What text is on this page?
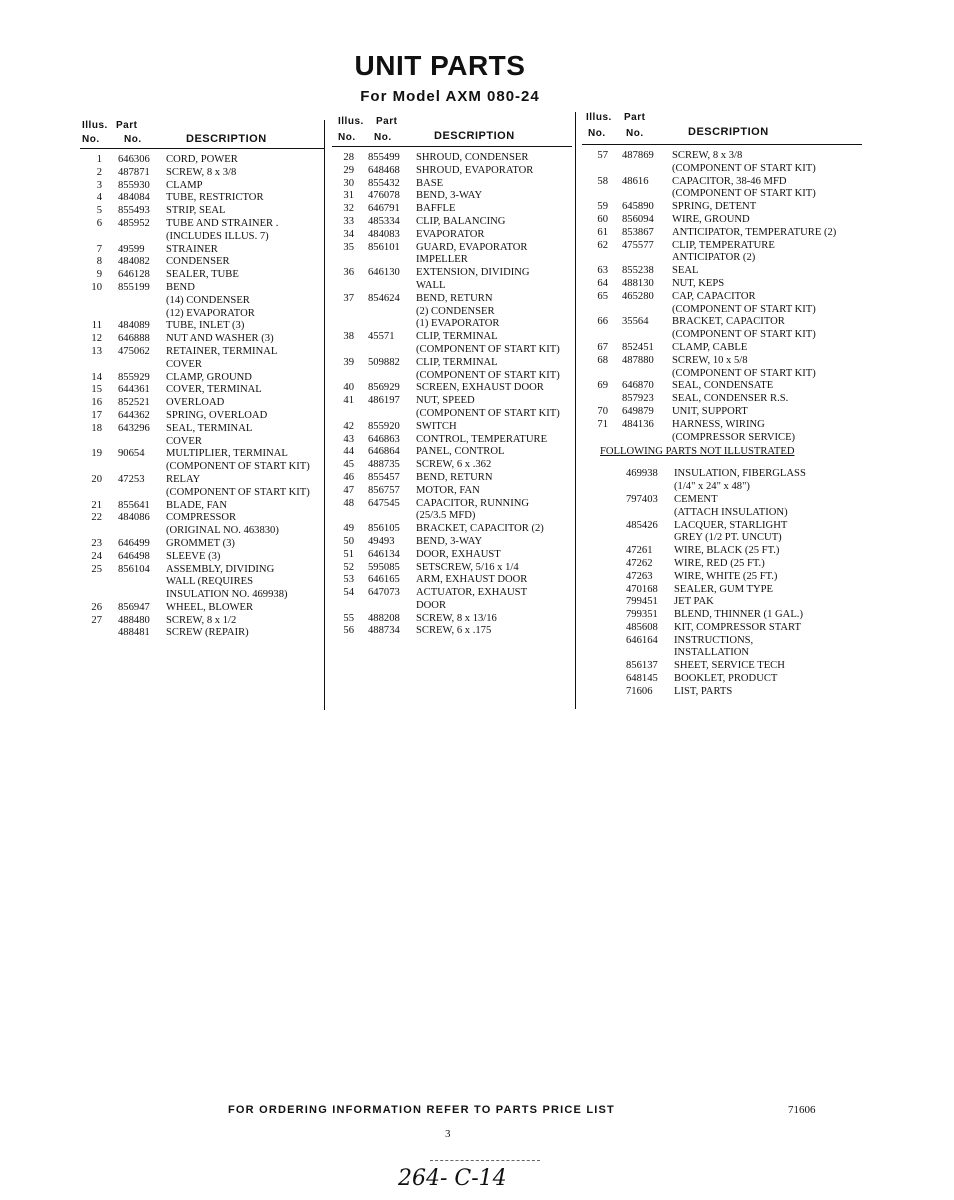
UNIT PARTS
For Model AXM 080-24
Illus. Part
No. No.	DESCRIPTION
1 646306 CORD, POWER
2 487871 SCREW, 8 x 3/8
3 855930 CLAMP
4 484084 TUBE, RESTRICTOR
5 855493 STRIP, SEAL
6 485952 TUBE AND STRAINER .
(INCLUDES ILLUS. 7)
7 49599 STRAINER
8 484082 CONDENSER
9 646128 SEALER, TUBE
10 855199 BEND
(14) CONDENSER
(12) EVAPORATOR
11 484089 TUBE, INLET (3)
12 646888 NUT AND WASHER (3)
13 475062 RETAINER, TERMINAL
COVER
14 855929 CLAMP, GROUND
15 644361 COVER, TERMINAL
16 852521 OVERLOAD
17 644362 SPRING, OVERLOAD
18 643296 SEAL, TERMINAL
COVER
19 90654 MULTIPLIER, TERMINAL
(COMPONENT OF START KIT)
20 47253 RELAY
(COMPONENT OF START KIT)
21 855641 BLADE, FAN
22 484086 COMPRESSOR
(ORIGINAL NO. 463830)
23 646499 GROMMET (3)
24 646498 SLEEVE (3)
25 856104 ASSEMBLY, DIVIDING
WALL (REQUIRES
INSULATION NO. 469938)
26 856947 WHEEL, BLOWER
27 488480 SCREW, 8 x 1/2
488481 SCREW (REPAIR)
Illus. Part
No. No.	DESCRIPTION
28 855499 SHROUD, CONDENSER
29 648468 SHROUD, EVAPORATOR
30 855432 BASE
31 476078 BEND, 3-WAY
32 646791 BAFFLE
33 485334 CLIP, BALANCING
34 484083 EVAPORATOR
35 856101 GUARD, EVAPORATOR
IMPELLER
36 646130 EXTENSION, DIVIDING
WALL
37 854624 BEND, RETURN
(2) CONDENSER
(1) EVAPORATOR
38 45571 CLIP, TERMINAL
(COMPONENT OF START KIT)
39 509882 CLIP, TERMINAL
(COMPONENT OF START KIT)
40 856929 SCREEN, EXHAUST DOOR
41 486197 NUT, SPEED
(COMPONENT OF START KIT)
42 855920 SWITCH
43 646863 CONTROL, TEMPERATURE
44 646864 PANEL, CONTROL
45 488735 SCREW, 6 x .362
46 855457 BEND, RETURN
47 856757 MOTOR, FAN
48 647545 CAPACITOR, RUNNING
(25/3.5 MFD)
49 856105 BRACKET, CAPACITOR (2)
50 49493 BEND, 3-WAY
51 646134 DOOR, EXHAUST
52 595085 SETSCREW, 5/16 x 1/4
53 646165 ARM, EXHAUST DOOR
54 647073 ACTUATOR, EXHAUST
DOOR
55 488208 SCREW, 8 x 13/16
56 488734 SCREW, 6 x .175
Illus. Part
No. No.	DESCRIPTION
57 487869 SCREW, 8 x 3/8
(COMPONENT OF START KIT)
58 48616 CAPACITOR, 38-46 MFD
(COMPONENT OF START KIT)
59 645890 SPRING, DETENT
60 856094 WIRE, GROUND
61 853867 ANTICIPATOR, TEMPERATURE (2)
62 475577 CLIP, TEMPERATURE
ANTICIPATOR (2)
63 855238 SEAL
64 488130 NUT, KEPS
65 465280 CAP, CAPACITOR
(COMPONENT OF START KIT)
66 35564 BRACKET, CAPACITOR
(COMPONENT OF START KIT)
67 852451 CLAMP, CABLE
68 487880 SCREW, 10 x 5/8
(COMPONENT OF START KIT)
69 646870 SEAL, CONDENSATE
857923 SEAL, CONDENSER R.S.
70 649879 UNIT, SUPPORT
71 484136 HARNESS, WIRING
(COMPRESSOR SERVICE)
FOLLOWING PARTS NOT ILLUSTRATED
469938 INSULATION, FIBERGLASS
(1/4" x 24" x 48")
797403 CEMENT
(ATTACH INSULATION)
485426 LACQUER, STARLIGHT
GREY (1/2 PT. UNCUT)
47261 WIRE, BLACK (25 FT.)
47262 WIRE, RED (25 FT.)
47263 WIRE, WHITE (25 FT.)
470168 SEALER, GUM TYPE
799451 JET PAK
799351 BLEND, THINNER (1 GAL.)
485608 KIT, COMPRESSOR START
646164 INSTRUCTIONS,
INSTALLATION
856137 SHEET, SERVICE TECH
648145 BOOKLET, PRODUCT
71606 LIST, PARTS
FOR ORDERING INFORMATION REFER TO PARTS PRICE LIST	71606
3
264- C-14
